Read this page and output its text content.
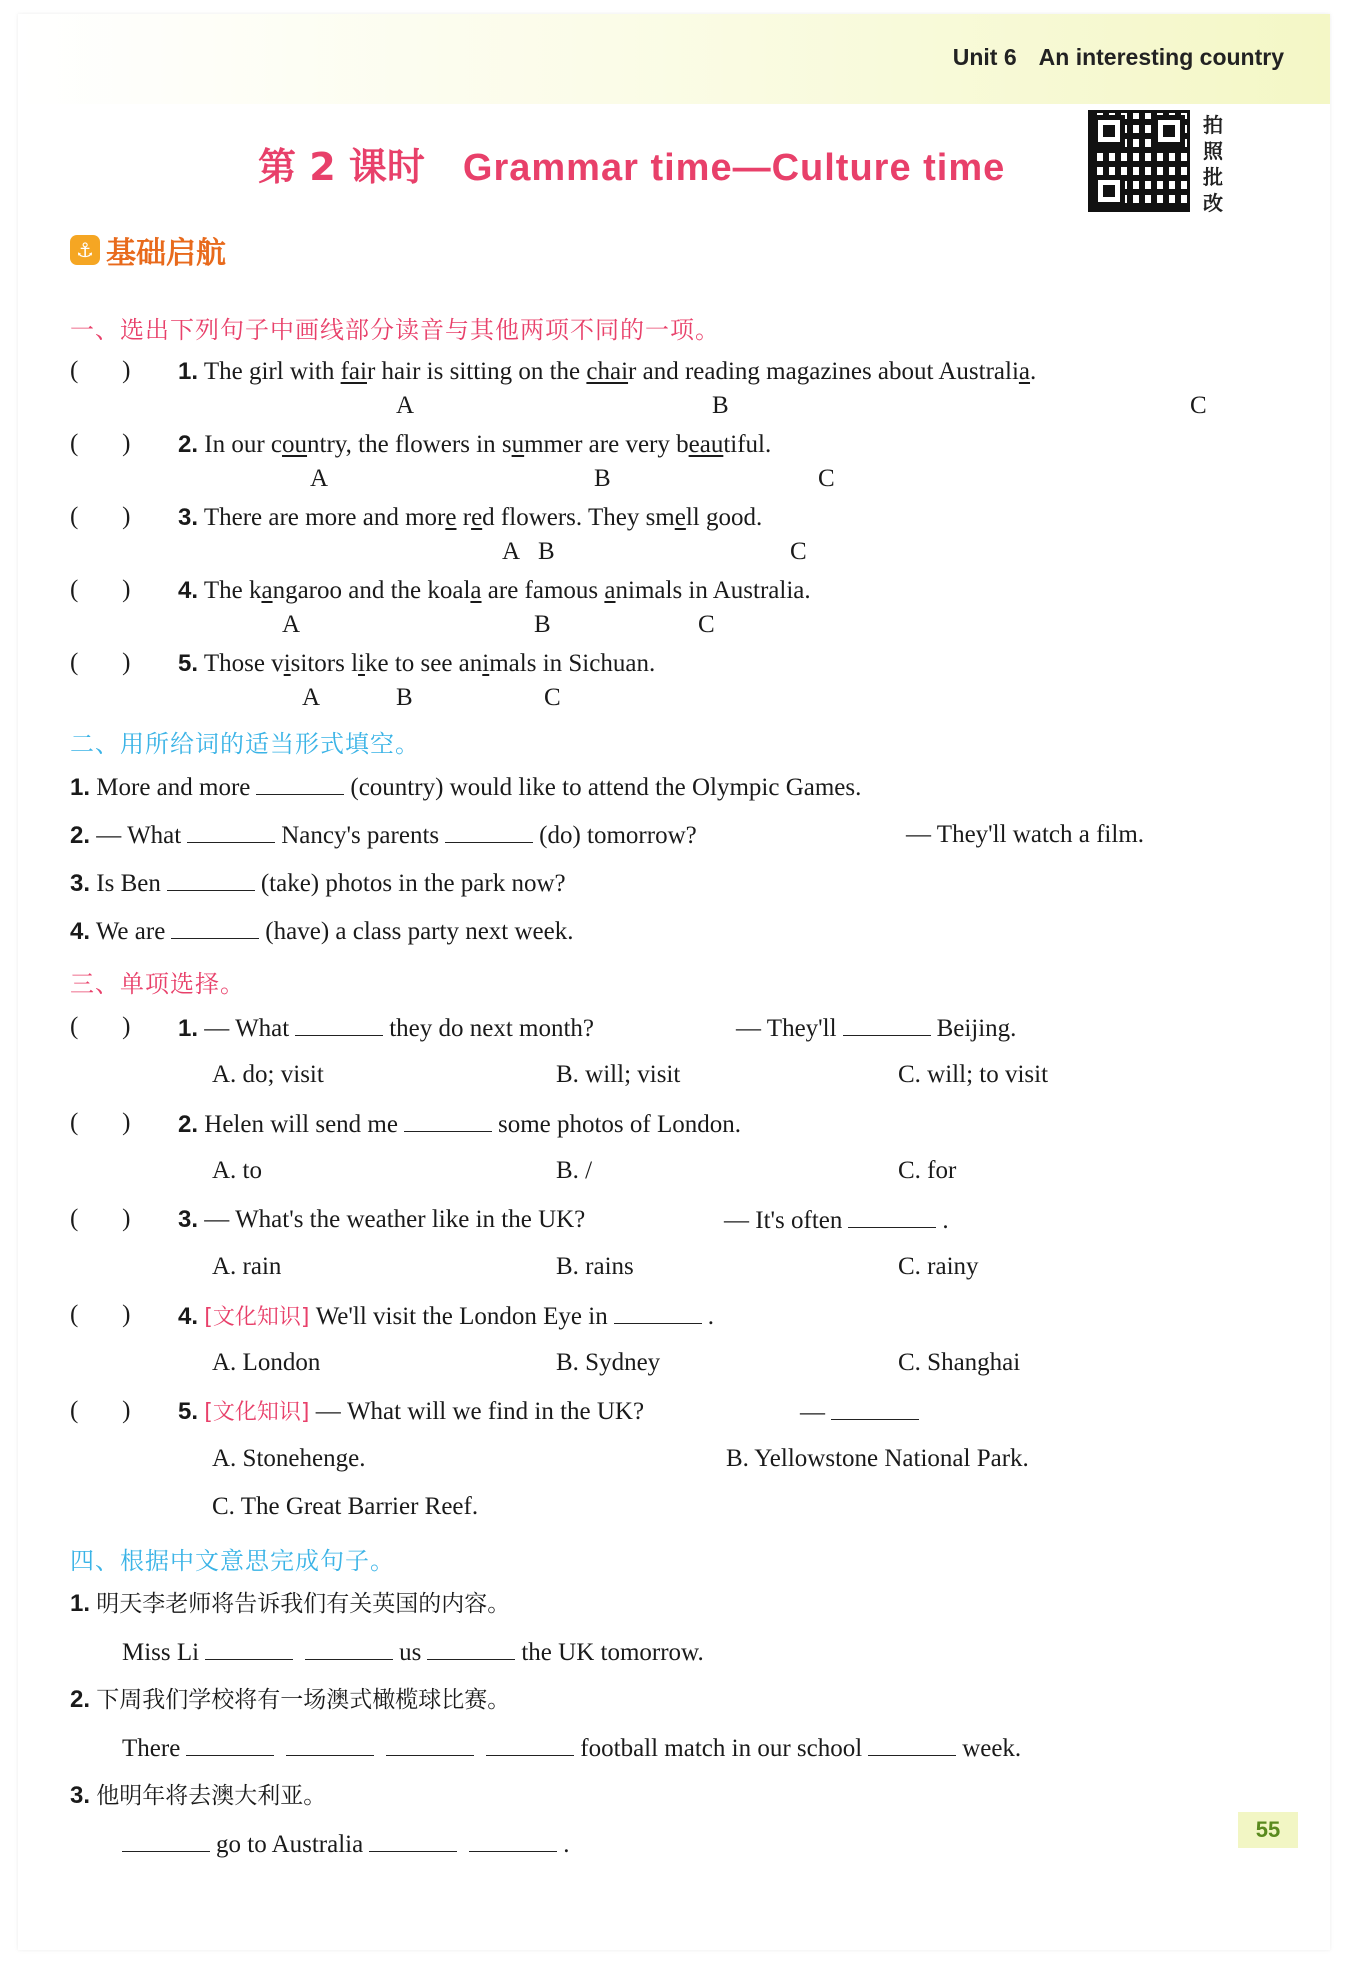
Unit 6 An interesting country
第 2 课时 Grammar time—Culture time
拍
照
批
改
⚓ 基础启航
一、选出下列句子中画线部分读音与其他两项不同的一项。
(       ) 1. The girl with fair hair is sitting on the chair and reading magazines about Australia.
A	B	C
(       ) 2. In our country, the flowers in summer are very beautiful.
A	B	C
(       ) 3. There are more and more red flowers. They smell good.
A B	C
(       ) 4. The kangaroo and the koala are famous animals in Australia.
A	B	C
(       ) 5. Those visitors like to see animals in Sichuan.
A	B	C
二、用所给词的适当形式填空。
1. More and more	(country) would like to attend the Olympic Games.
2. — What	Nancy's parents	(do) tomorrow?	— They'll watch a film.
3. Is Ben	(take) photos in the park now?
4. We are	(have) a class party next week.
三、单项选择。
(       ) 1. — What	they do next month?	— They'll	Beijing.
A. do; visit	B. will; visit	C. will; to visit
(       ) 2. Helen will send me	some photos of London.
A. to	B. /	C. for
(       ) 3. — What's the weather like in the UK?	— It's often	.
A. rain	B. rains	C. rainy
(       ) 4. [文化知识] We'll visit the London Eye in	.
A. London	B. Sydney	C. Shanghai
(       ) 5. [文化知识] — What will we find in the UK?	—
A. Stonehenge.	B. Yellowstone National Park.
C. The Great Barrier Reef.
四、根据中文意思完成句子。
1. 明天李老师将告诉我们有关英国的内容。
Miss Li	us	the UK tomorrow.
2. 下周我们学校将有一场澳式橄榄球比赛。
There	football match in our school	week.
3. 他明年将去澳大利亚。
go to Australia	.
55
